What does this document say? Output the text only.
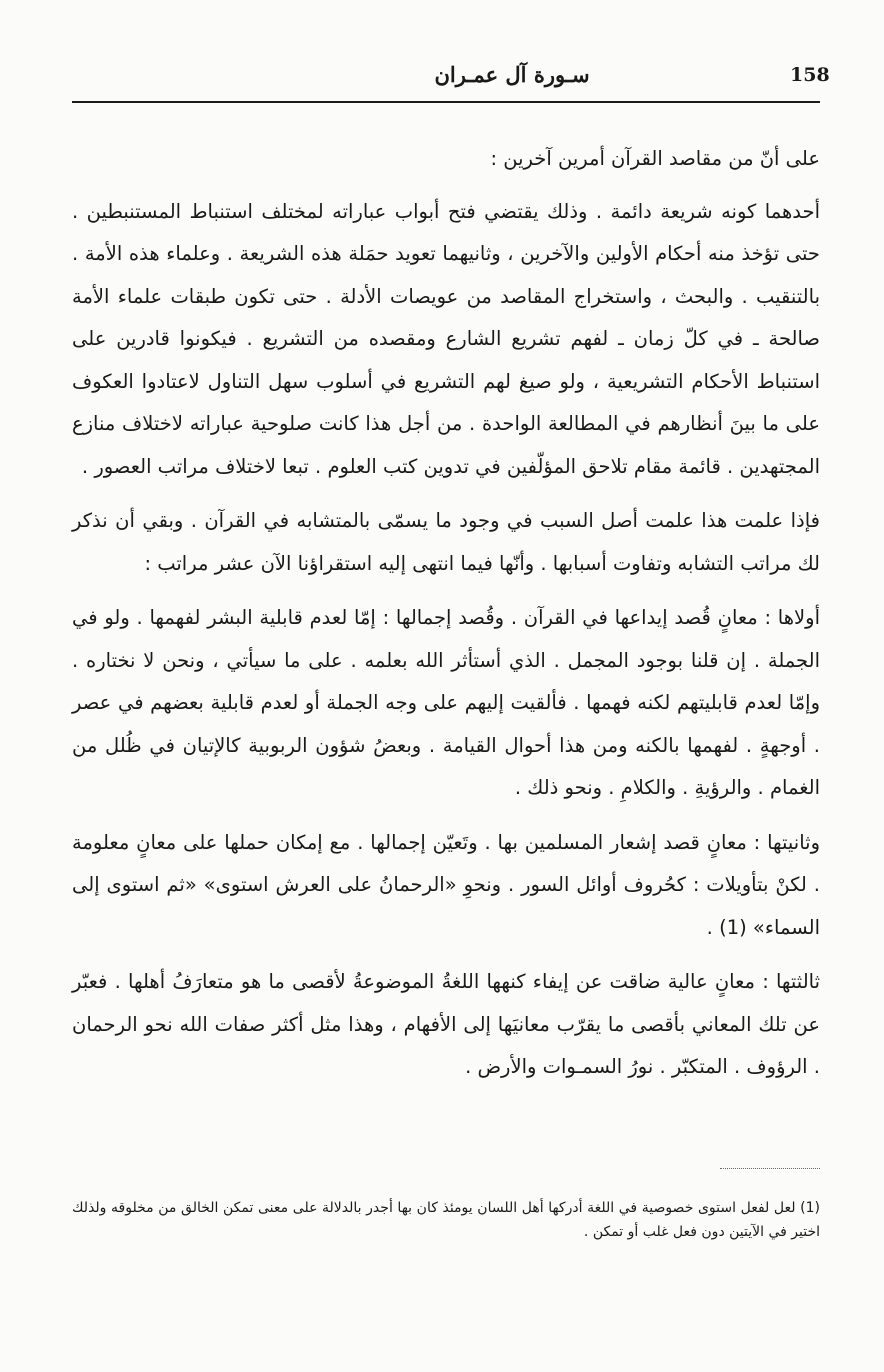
158
سـورة آل عمـران

على أنّ من مقاصد القرآن أمرين آخرين :

أحدهما كونه شريعة دائمة . وذلك يقتضي فتح أبواب عباراته لمختلف استنباط المستنبطين . حتى تؤخذ منه أحكام الأولين والآخرين ، وثانيهما تعويد حمَلة هذه الشريعة . وعلماء هذه الأمة . بالتنقيب . والبحث ، واستخراج المقاصد من عويصات الأدلة . حتى تكون طبقات علماء الأمة صالحة ـ في كلّ زمان ـ لفهم تشريع الشارع ومقصده من التشريع . فيكونوا قادرين على استنباط الأحكام التشريعية ، ولو صيغ لهم التشريع في أسلوب سهل التناول لاعتادوا العكوف على ما بينَ أنظارهم في المطالعة الواحدة . من أجل هذا كانت صلوحية عباراته لاختلاف منازع المجتهدين . قائمة مقام تلاحق المؤلّفين في تدوين كتب العلوم . تبعا لاختلاف مراتب العصور .

فإذا علمت هذا علمت أصل السبب في وجود ما يسمّى بالمتشابه في القرآن . وبقي أن نذكر لك مراتب التشابه وتفاوت أسبابها . وأنّها فيما انتهى إليه استقراؤنا الآن عشر مراتب :

أولاها : معانٍ قُصد إيداعها في القرآن . وقُصد إجمالها : إمّا لعدم قابلية البشر لفهمها . ولو في الجملة . إن قلنا بوجود المجمل . الذي أستأثر الله بعلمه . على ما سيأتي ، ونحن لا نختاره . وإمّا لعدم قابليتهم لكنه فهمها . فألقيت إليهم على وجه الجملة أو لعدم قابلية بعضهم في عصر . أوجهةٍ . لفهمها بالكنه ومن هذا أحوال القيامة . وبعضُ شؤون الربوبية كالإتيان في ظُلل من الغمام . والرؤيةِ . والكلامِ . ونحو ذلك .

وثانيتها : معانٍ قصد إشعار المسلمين بها . وتَعيّن إجمالها . مع إمكان حملها على معانٍ معلومة . لكنْ بتأويلات : كحُروف أوائل السور . ونحوِ «الرحمانُ على العرش استوى» «ثم استوى إلى السماء» (1) .

ثالثتها : معانٍ عالية ضاقت عن إيفاء كنهها اللغةُ الموضوعةُ لأقصى ما هو متعارَفُ أهلها . فعبّر عن تلك المعاني بأقصى ما يقرّب معانيَها إلى الأفهام ، وهذا مثل أكثر صفات الله نحو الرحمان . الرؤوف . المتكبّر . نورُ السمـوات والأرض .

(1) لعل لفعل استوى خصوصية في اللغة أدركها أهل اللسان يومئذ كان بها أجدر بالدلالة على معنى تمكن الخالق من مخلوقه ولذلك اختير في الآيتين دون فعل غلب أو تمكن .
